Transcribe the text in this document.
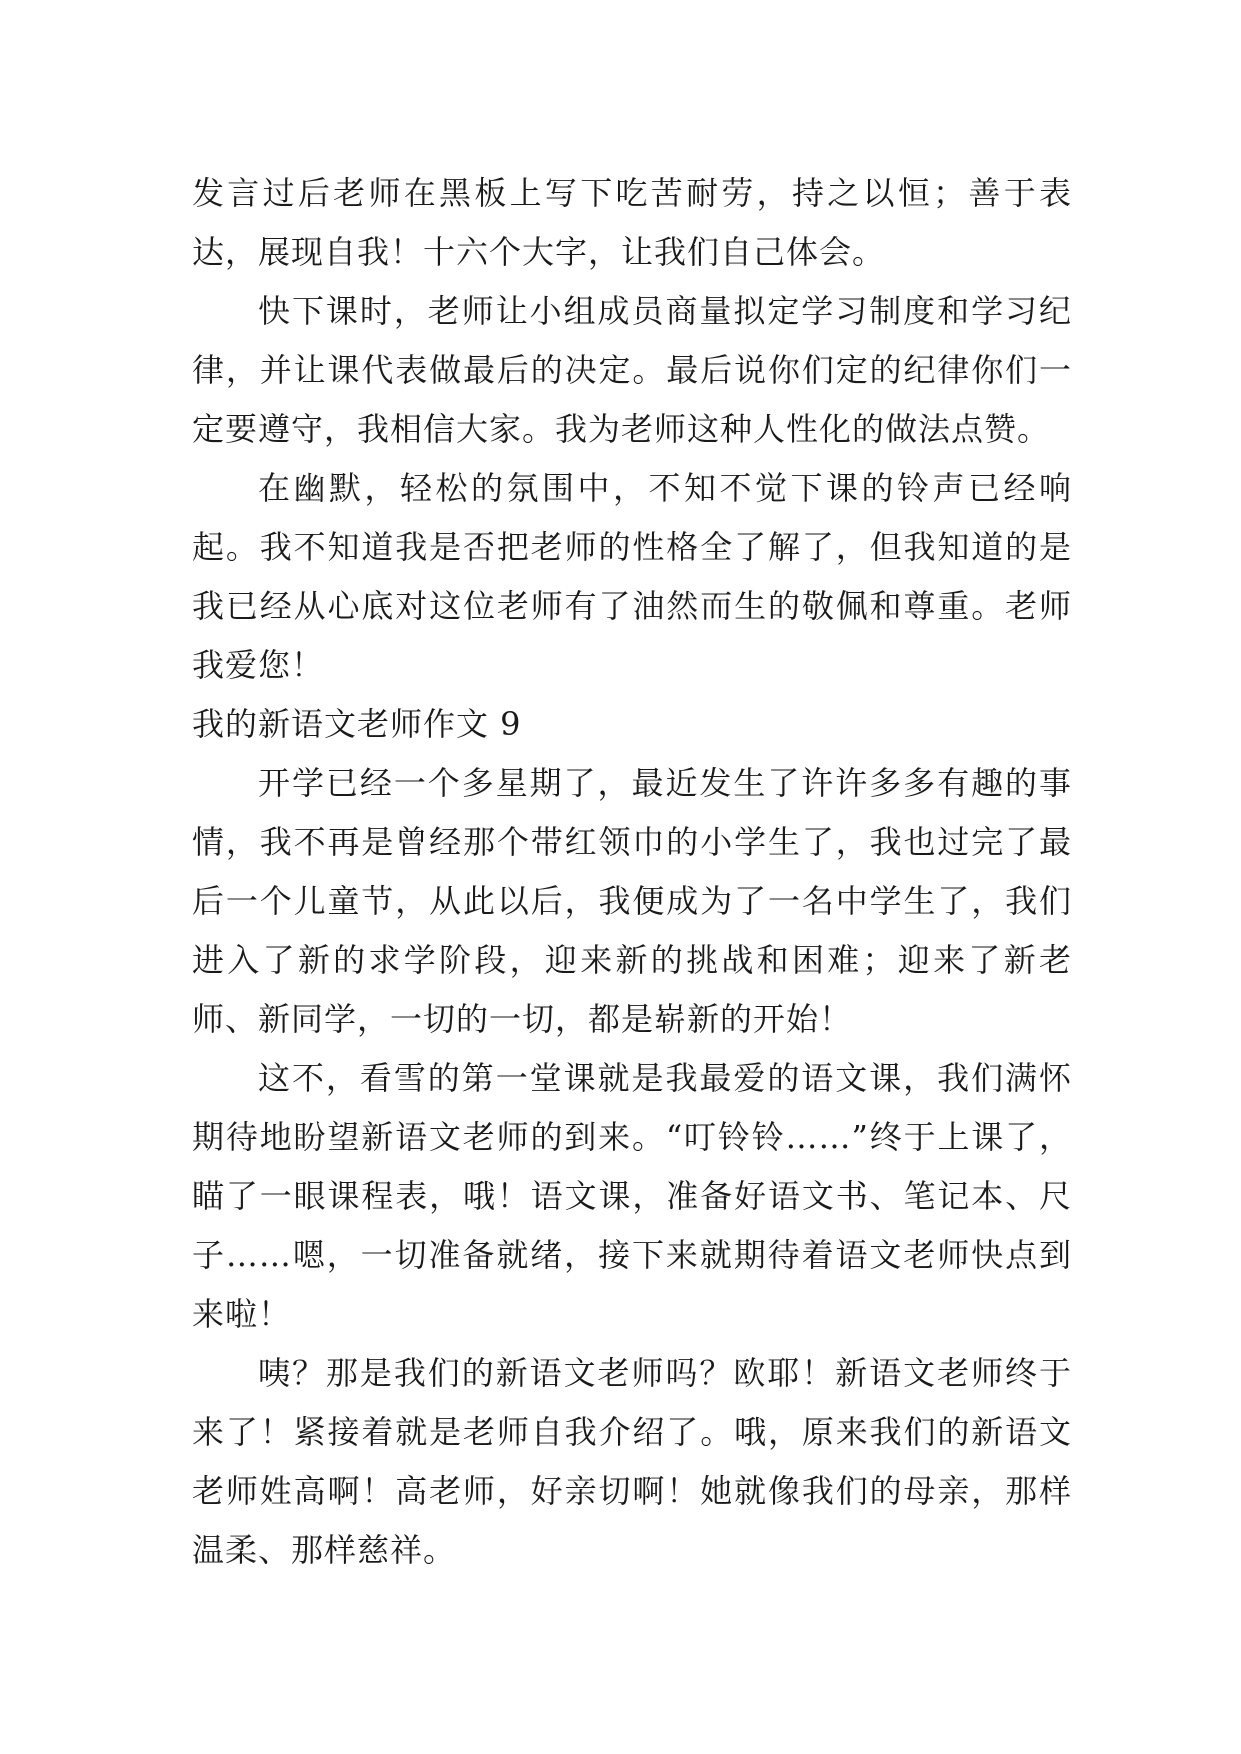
发言过后老师在黑板上写下吃苦耐劳，持之以恒；善于表达，展现自我！十六个大字，让我们自己体会。

快下课时，老师让小组成员商量拟定学习制度和学习纪律，并让课代表做最后的决定。最后说你们定的纪律你们一定要遵守，我相信大家。我为老师这种人性化的做法点赞。

在幽默，轻松的氛围中，不知不觉下课的铃声已经响起。我不知道我是否把老师的性格全了解了，但我知道的是我已经从心底对这位老师有了油然而生的敬佩和尊重。老师我爱您！

我的新语文老师作文 9

开学已经一个多星期了，最近发生了许许多多有趣的事情，我不再是曾经那个带红领巾的小学生了，我也过完了最后一个儿童节，从此以后，我便成为了一名中学生了，我们进入了新的求学阶段，迎来新的挑战和困难；迎来了新老师、新同学，一切的一切，都是崭新的开始！

这不，看雪的第一堂课就是我最爱的语文课，我们满怀期待地盼望新语文老师的到来。“叮铃铃……”终于上课了，瞄了一眼课程表，哦！语文课，准备好语文书、笔记本、尺子……嗯，一切准备就绪，接下来就期待着语文老师快点到来啦！

咦？那是我们的新语文老师吗？欧耶！新语文老师终于来了！紧接着就是老师自我介绍了。哦，原来我们的新语文老师姓高啊！高老师，好亲切啊！她就像我们的母亲，那样温柔、那样慈祥。
